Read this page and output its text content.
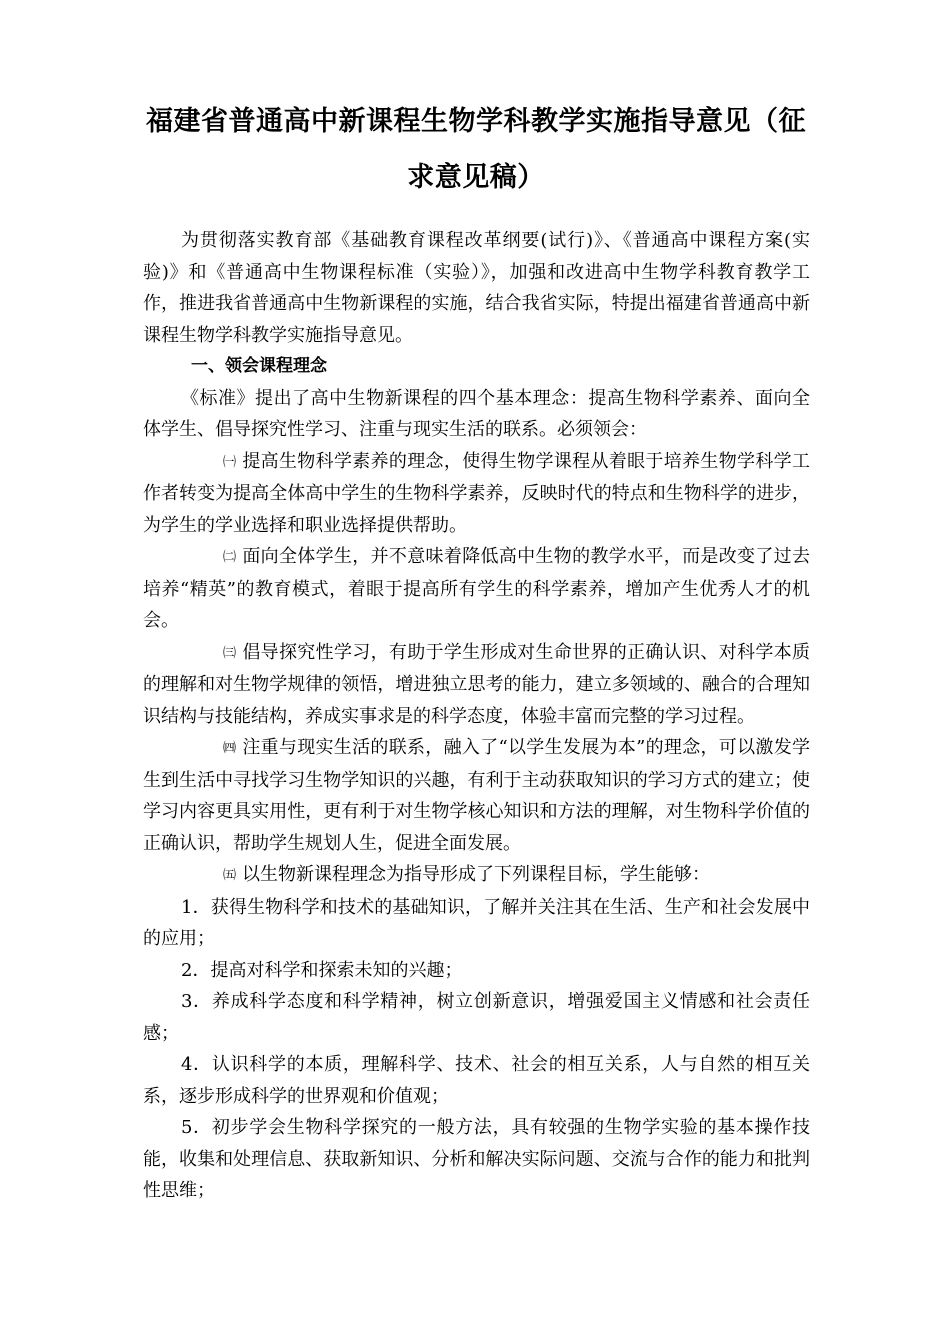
福建省普通高中新课程生物学科教学实施指导意见（征
求意见稿）

为贯彻落实教育部《基础教育课程改革纲要(试行)》、《普通高中课程方案(实验)》和《普通高中生物课程标准（实验）》，加强和改进高中生物学科教育教学工作，推进我省普通高中生物新课程的实施，结合我省实际，特提出福建省普通高中新课程生物学科教学实施指导意见。

一、领会课程理念

《标准》提出了高中生物新课程的四个基本理念：提高生物科学素养、面向全体学生、倡导探究性学习、注重与现实生活的联系。必须领会：

㈠ 提高生物科学素养的理念，使得生物学课程从着眼于培养生物学科学工作者转变为提高全体高中学生的生物科学素养，反映时代的特点和生物科学的进步，为学生的学业选择和职业选择提供帮助。

㈡ 面向全体学生，并不意味着降低高中生物的教学水平，而是改变了过去培养“精英”的教育模式，着眼于提高所有学生的科学素养，增加产生优秀人才的机会。

㈢ 倡导探究性学习，有助于学生形成对生命世界的正确认识、对科学本质的理解和对生物学规律的领悟，增进独立思考的能力，建立多领域的、融合的合理知识结构与技能结构，养成实事求是的科学态度，体验丰富而完整的学习过程。

㈣ 注重与现实生活的联系，融入了“以学生发展为本”的理念，可以激发学生到生活中寻找学习生物学知识的兴趣，有利于主动获取知识的学习方式的建立；使学习内容更具实用性，更有利于对生物学核心知识和方法的理解，对生物科学价值的正确认识，帮助学生规划人生，促进全面发展。

㈤ 以生物新课程理念为指导形成了下列课程目标，学生能够：

1．获得生物科学和技术的基础知识，了解并关注其在生活、生产和社会发展中的应用；

2．提高对科学和探索未知的兴趣；

3．养成科学态度和科学精神，树立创新意识，增强爱国主义情感和社会责任感；

4．认识科学的本质，理解科学、技术、社会的相互关系，人与自然的相互关系，逐步形成科学的世界观和价值观；

5．初步学会生物科学探究的一般方法，具有较强的生物学实验的基本操作技能，收集和处理信息、获取新知识、分析和解决实际问题、交流与合作的能力和批判性思维；
